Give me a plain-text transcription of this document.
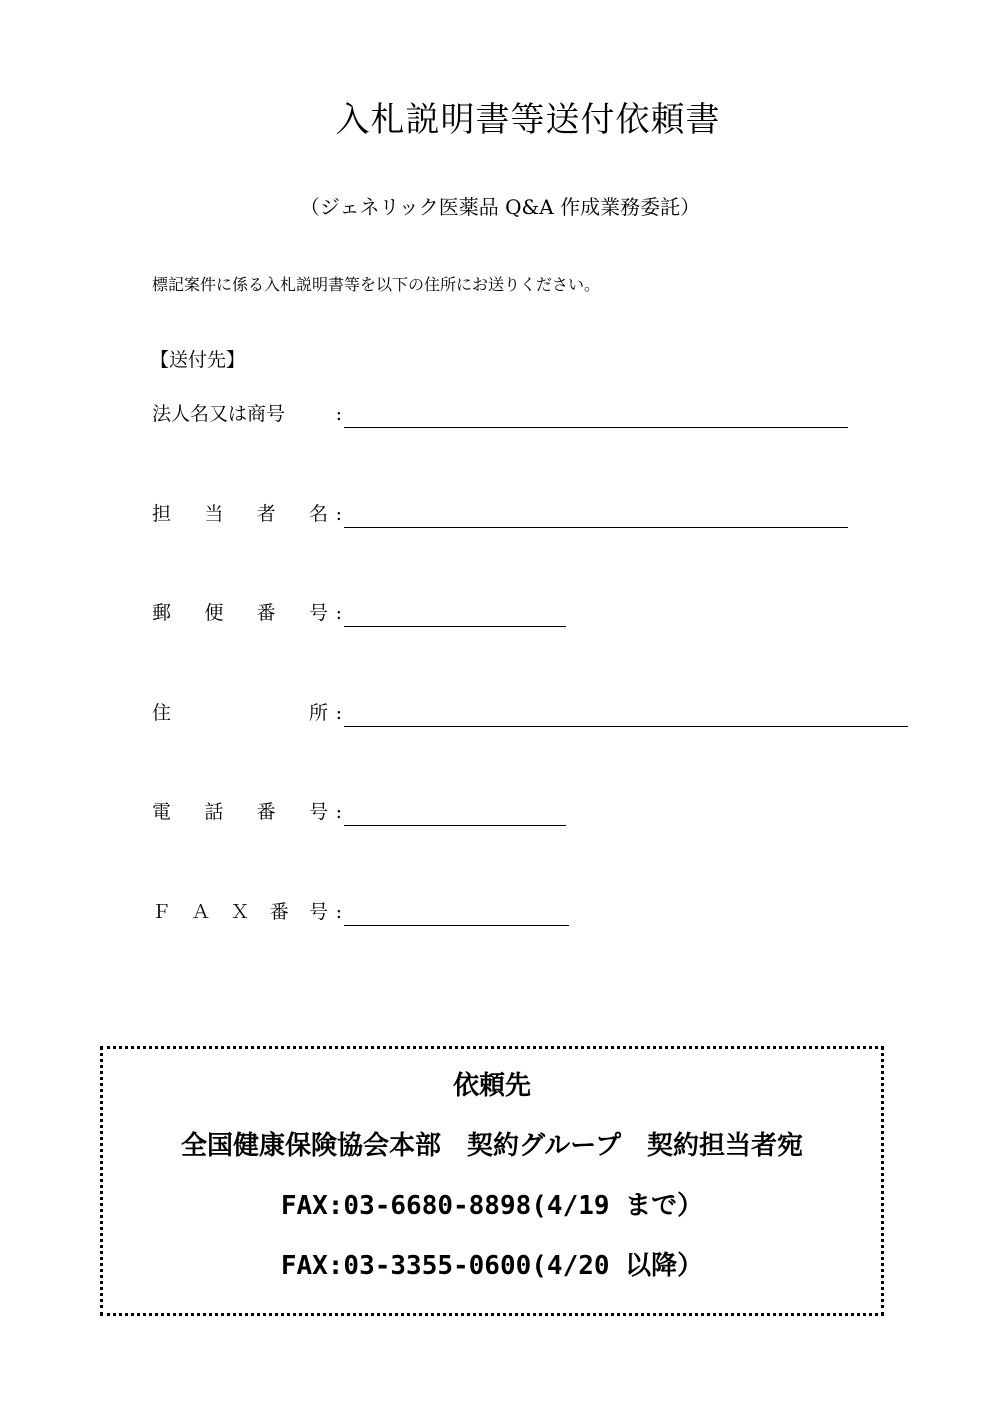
入札説明書等送付依頼書
（ジェネリック医薬品 Q&A 作成業務委託）
標記案件に係る入札説明書等を以下の住所にお送りください。
【送付先】
法人名又は商号	:
担 当 者 名 :
郵 便 番 号 :
住	所 :
電 話 番 号 :
Ｆ Ａ Ｘ 番 号 :
依頼先
全国健康保険協会本部　契約グループ　契約担当者宛
FAX:03-6680-8898(4/19 まで）
FAX:03-3355-0600(4/20 以降）
